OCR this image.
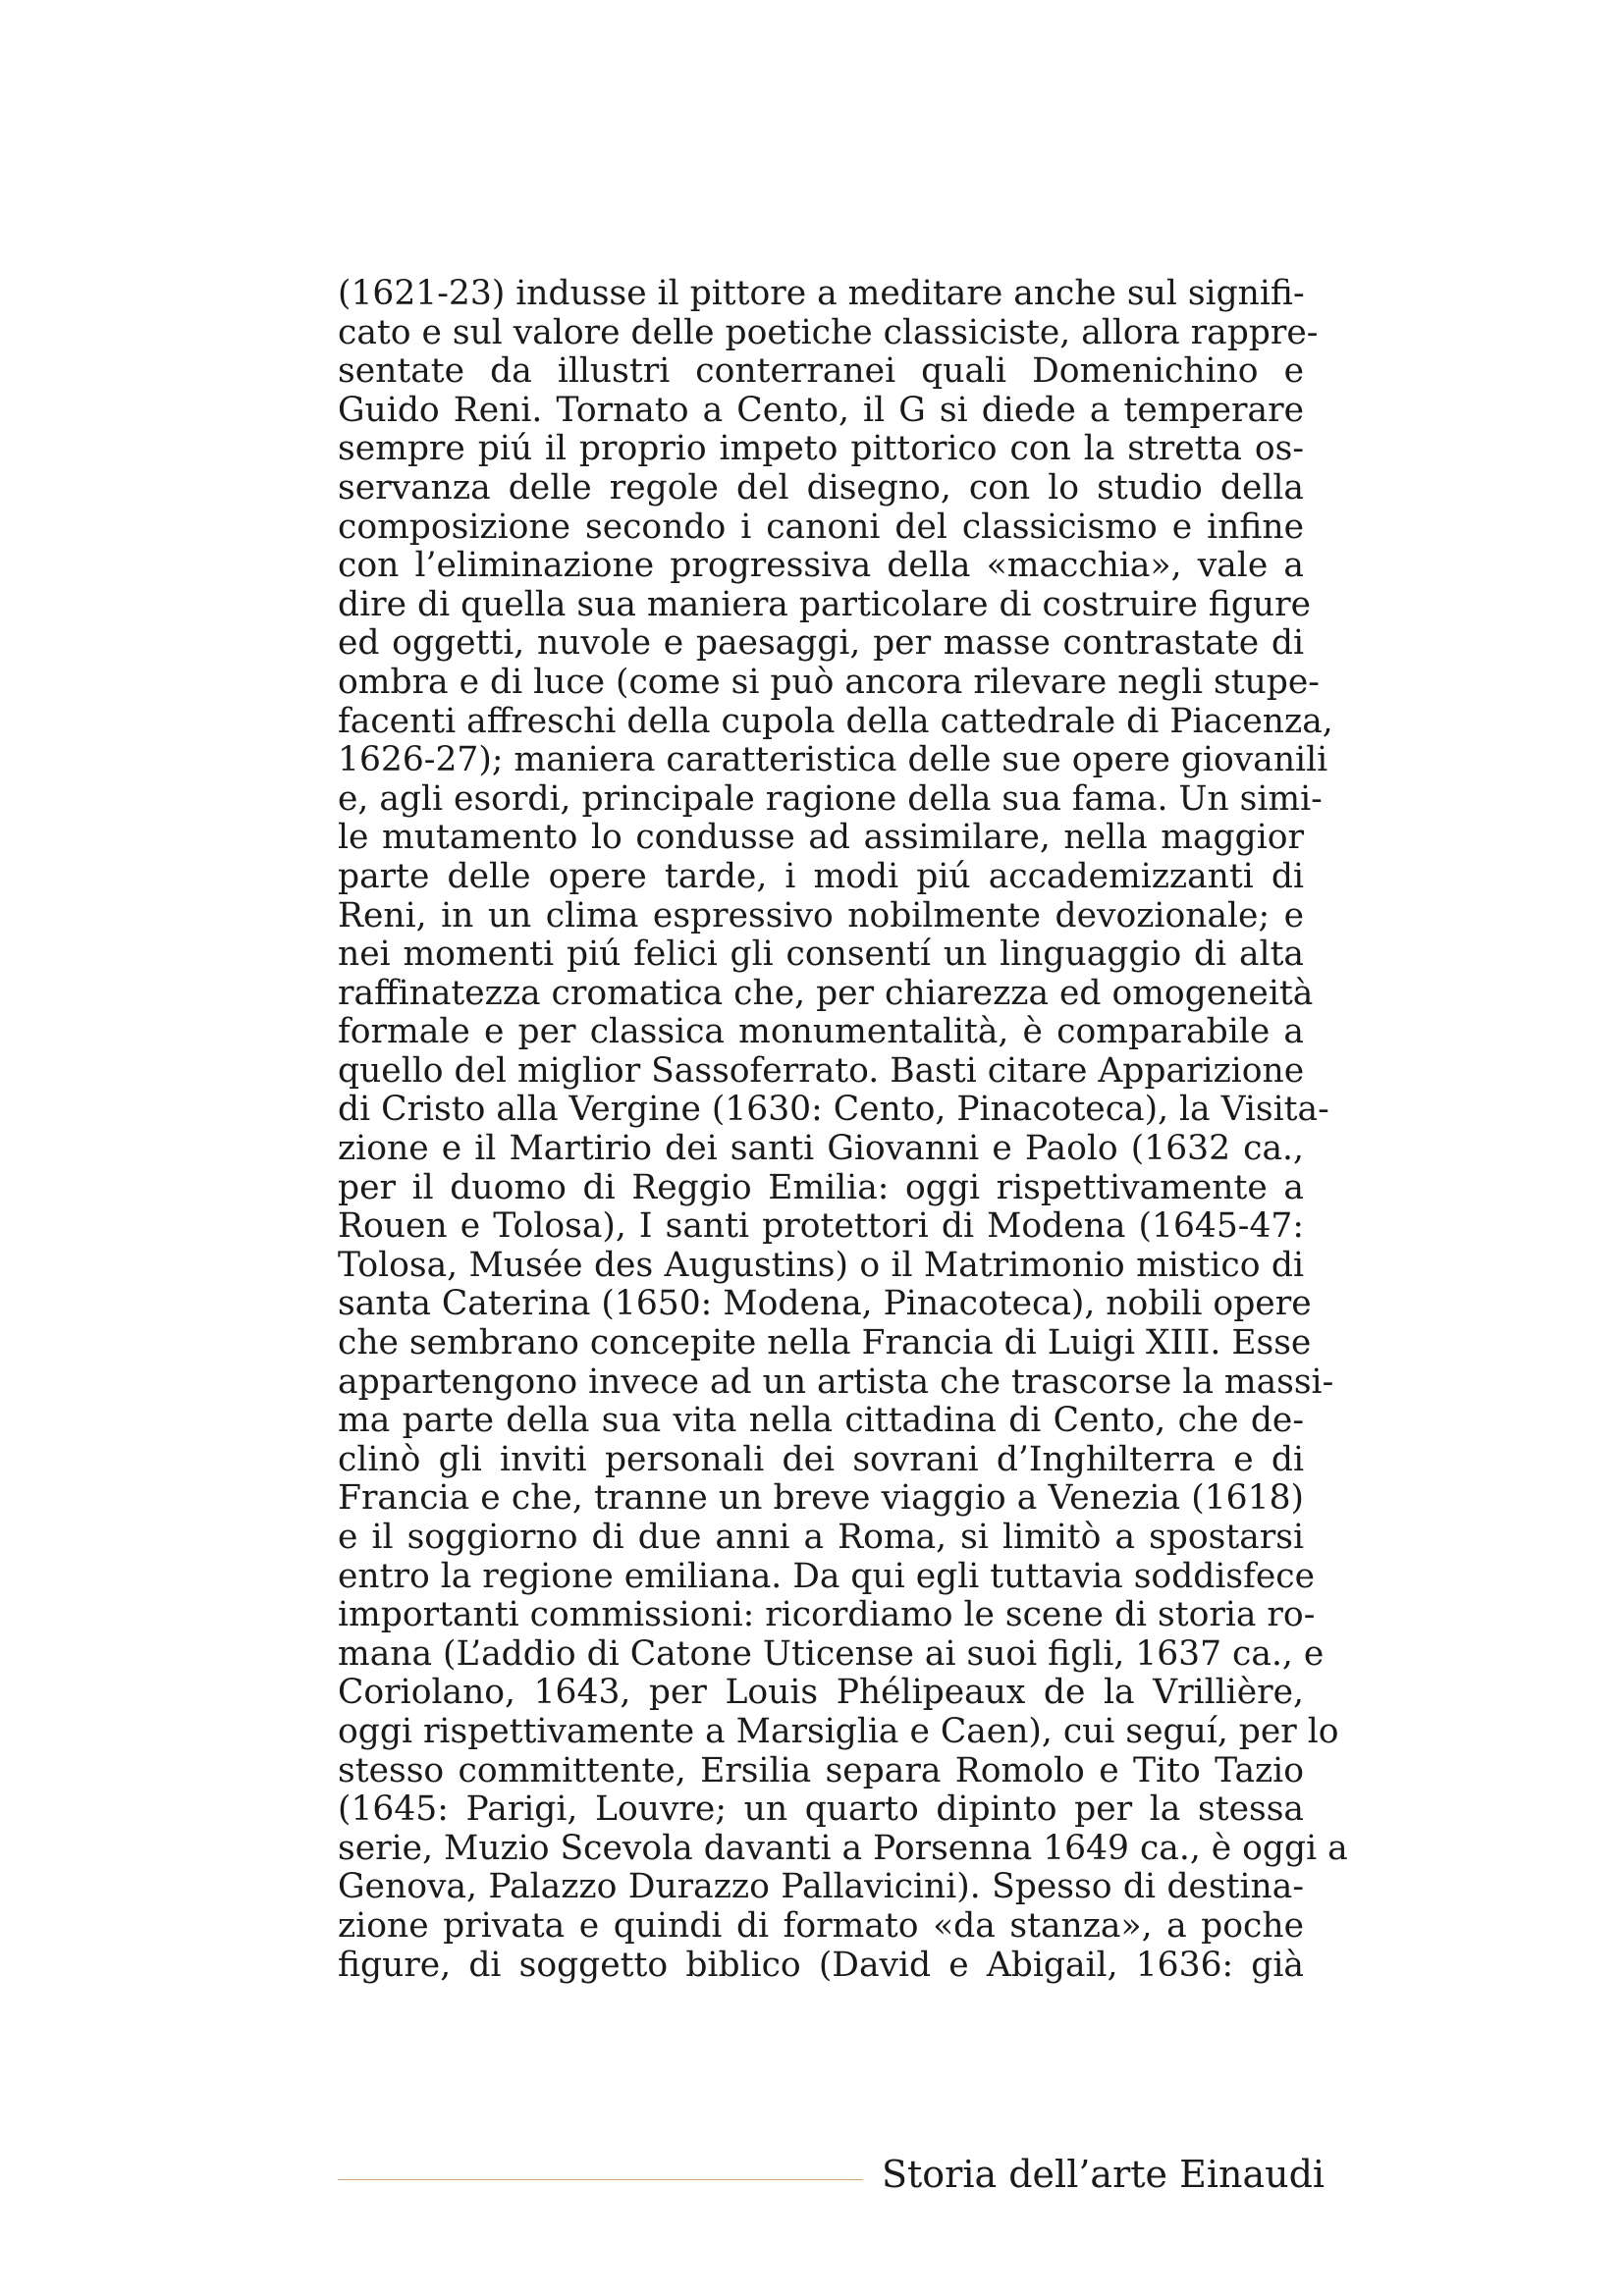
(1621-23) indusse il pittore a meditare anche sul signifi-
cato e sul valore delle poetiche classiciste, allora rappre-
sentate da illustri conterranei quali Domenichino e
Guido Reni. Tornato a Cento, il G si diede a temperare
sempre piú il proprio impeto pittorico con la stretta os-
servanza delle regole del disegno, con lo studio della
composizione secondo i canoni del classicismo e infine
con l’eliminazione progressiva della «macchia», vale a
dire di quella sua maniera particolare di costruire figure
ed oggetti, nuvole e paesaggi, per masse contrastate di
ombra e di luce (come si può ancora rilevare negli stupe-
facenti affreschi della cupola della cattedrale di Piacenza,
1626-27); maniera caratteristica delle sue opere giovanili
e, agli esordi, principale ragione della sua fama. Un simi-
le mutamento lo condusse ad assimilare, nella maggior
parte delle opere tarde, i modi piú accademizzanti di
Reni, in un clima espressivo nobilmente devozionale; e
nei momenti piú felici gli consentí un linguaggio di alta
raffinatezza cromatica che, per chiarezza ed omogeneità
formale e per classica monumentalità, è comparabile a
quello del miglior Sassoferrato. Basti citare Apparizione
di Cristo alla Vergine (1630: Cento, Pinacoteca), la Visita-
zione e il Martirio dei santi Giovanni e Paolo (1632 ca.,
per il duomo di Reggio Emilia: oggi rispettivamente a
Rouen e Tolosa), I santi protettori di Modena (1645-47:
Tolosa, Musée des Augustins) o il Matrimonio mistico di
santa Caterina (1650: Modena, Pinacoteca), nobili opere
che sembrano concepite nella Francia di Luigi XIII. Esse
appartengono invece ad un artista che trascorse la massi-
ma parte della sua vita nella cittadina di Cento, che de-
clinò gli inviti personali dei sovrani d’Inghilterra e di
Francia e che, tranne un breve viaggio a Venezia (1618)
e il soggiorno di due anni a Roma, si limitò a spostarsi
entro la regione emiliana. Da qui egli tuttavia soddisfece
importanti commissioni: ricordiamo le scene di storia ro-
mana (L’addio di Catone Uticense ai suoi figli, 1637 ca., e
Coriolano, 1643, per Louis Phélipeaux de la Vrillière,
oggi rispettivamente a Marsiglia e Caen), cui seguí, per lo
stesso committente, Ersilia separa Romolo e Tito Tazio
(1645: Parigi, Louvre; un quarto dipinto per la stessa
serie, Muzio Scevola davanti a Porsenna 1649 ca., è oggi a
Genova, Palazzo Durazzo Pallavicini). Spesso di destina-
zione privata e quindi di formato «da stanza», a poche
figure, di soggetto biblico (David e Abigail, 1636: già
Storia dell’arte Einaudi
